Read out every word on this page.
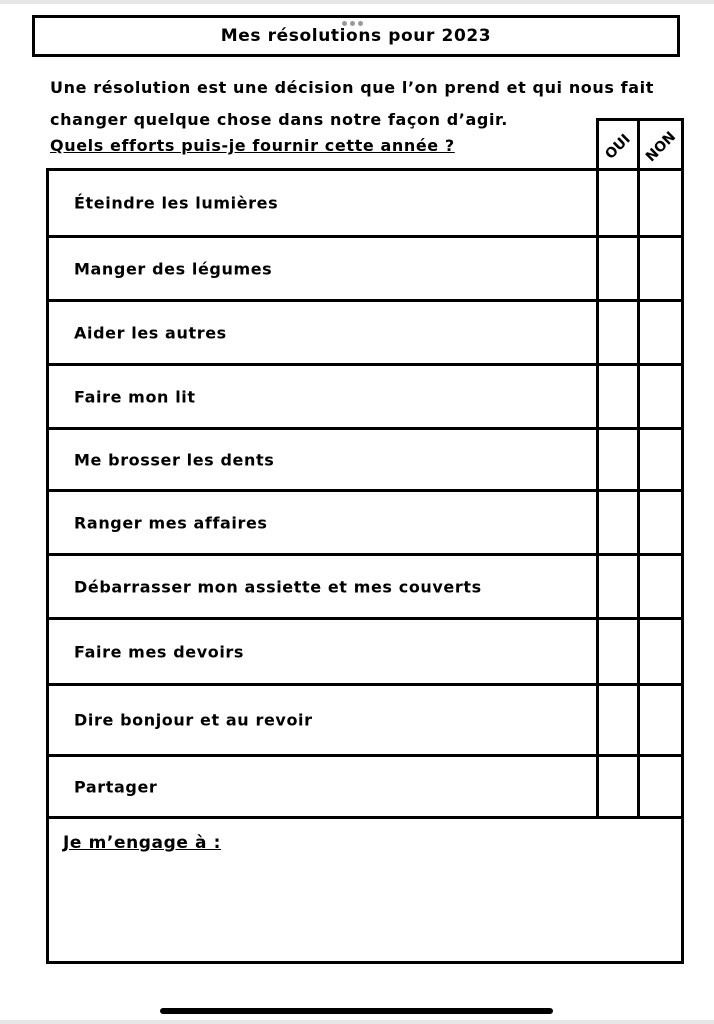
Mes résolutions pour 2023
Une résolution est une décision que l’on prend et qui nous fait
changer quelque chose dans notre façon d’agir.
Quels efforts puis-je fournir cette année ?	OUI NON
Éteindre les lumières
Manger des légumes
Aider les autres
Faire mon lit
Me brosser les dents
Ranger mes affaires
Débarrasser mon assiette et mes couverts
Faire mes devoirs
Dire bonjour et au revoir
Partager
Je m’engage à :
